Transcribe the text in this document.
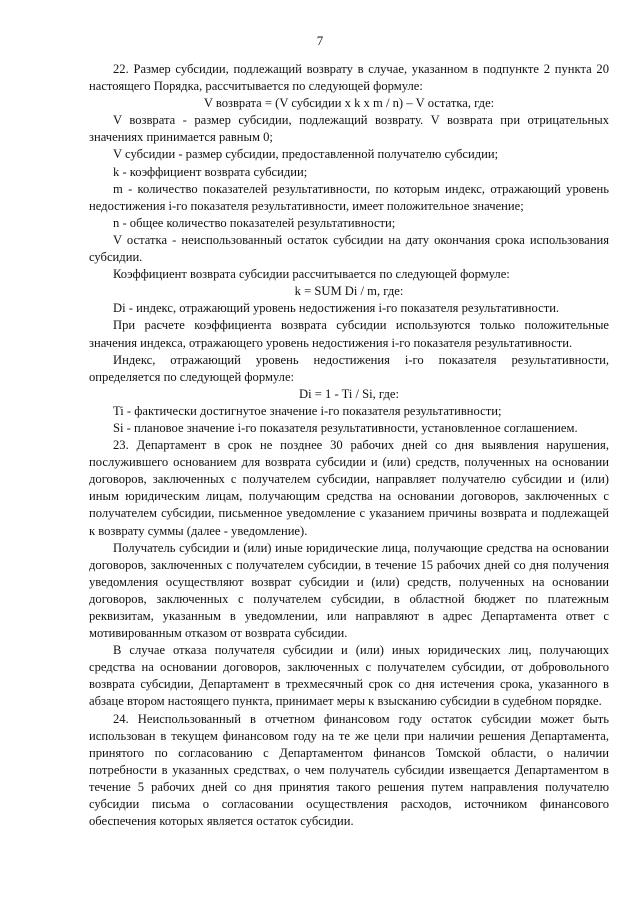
7

22. Размер субсидии, подлежащий возврату в случае, указанном в подпункте 2 пункта 20 настоящего Порядка, рассчитывается по следующей формуле:

V возврата = (V субсидии x k x m / n) – V остатка, где:

V возврата - размер субсидии, подлежащий возврату. V возврата при отрицательных значениях принимается равным 0;

V субсидии - размер субсидии, предоставленной получателю субсидии;

k - коэффициент возврата субсидии;

m - количество показателей результативности, по которым индекс, отражающий уровень недостижения i-го показателя результативности, имеет положительное значение;

n - общее количество показателей результативности;

V остатка - неиспользованный остаток субсидии на дату окончания срока использования субсидии.

Коэффициент возврата субсидии рассчитывается по следующей формуле:

k = SUM Di / m, где:

Di - индекс, отражающий уровень недостижения i-го показателя результативности.

При расчете коэффициента возврата субсидии используются только положительные значения индекса, отражающего уровень недостижения i-го показателя результативности.

Индекс, отражающий уровень недостижения i-го показателя результативности, определяется по следующей формуле:

Di = 1 - Ti / Si, где:

Ti - фактически достигнутое значение i-го показателя результативности;

Si - плановое значение i-го показателя результативности, установленное соглашением.

23. Департамент в срок не позднее 30 рабочих дней со дня выявления нарушения, послужившего основанием для возврата субсидии и (или) средств, полученных на основании договоров, заключенных с получателем субсидии, направляет получателю субсидии и (или) иным юридическим лицам, получающим средства на основании договоров, заключенных с получателем субсидии, письменное уведомление с указанием причины возврата и подлежащей к возврату суммы (далее - уведомление).

Получатель субсидии и (или) иные юридические лица, получающие средства на основании договоров, заключенных с получателем субсидии, в течение 15 рабочих дней со дня получения уведомления осуществляют возврат субсидии и (или) средств, полученных на основании договоров, заключенных с получателем субсидии, в областной бюджет по платежным реквизитам, указанным в уведомлении, или направляют в адрес Департамента ответ с мотивированным отказом от возврата субсидии.

В случае отказа получателя субсидии и (или) иных юридических лиц, получающих средства на основании договоров, заключенных с получателем субсидии, от добровольного возврата субсидии, Департамент в трехмесячный срок со дня истечения срока, указанного в абзаце втором настоящего пункта, принимает меры к взысканию субсидии в судебном порядке.

24. Неиспользованный в отчетном финансовом году остаток субсидии может быть использован в текущем финансовом году на те же цели при наличии решения Департамента, принятого по согласованию с Департаментом финансов Томской области, о наличии потребности в указанных средствах, о чем получатель субсидии извещается Департаментом в течение 5 рабочих дней со дня принятия такого решения путем направления получателю субсидии письма о согласовании осуществления расходов, источником финансового обеспечения которых является остаток субсидии.
